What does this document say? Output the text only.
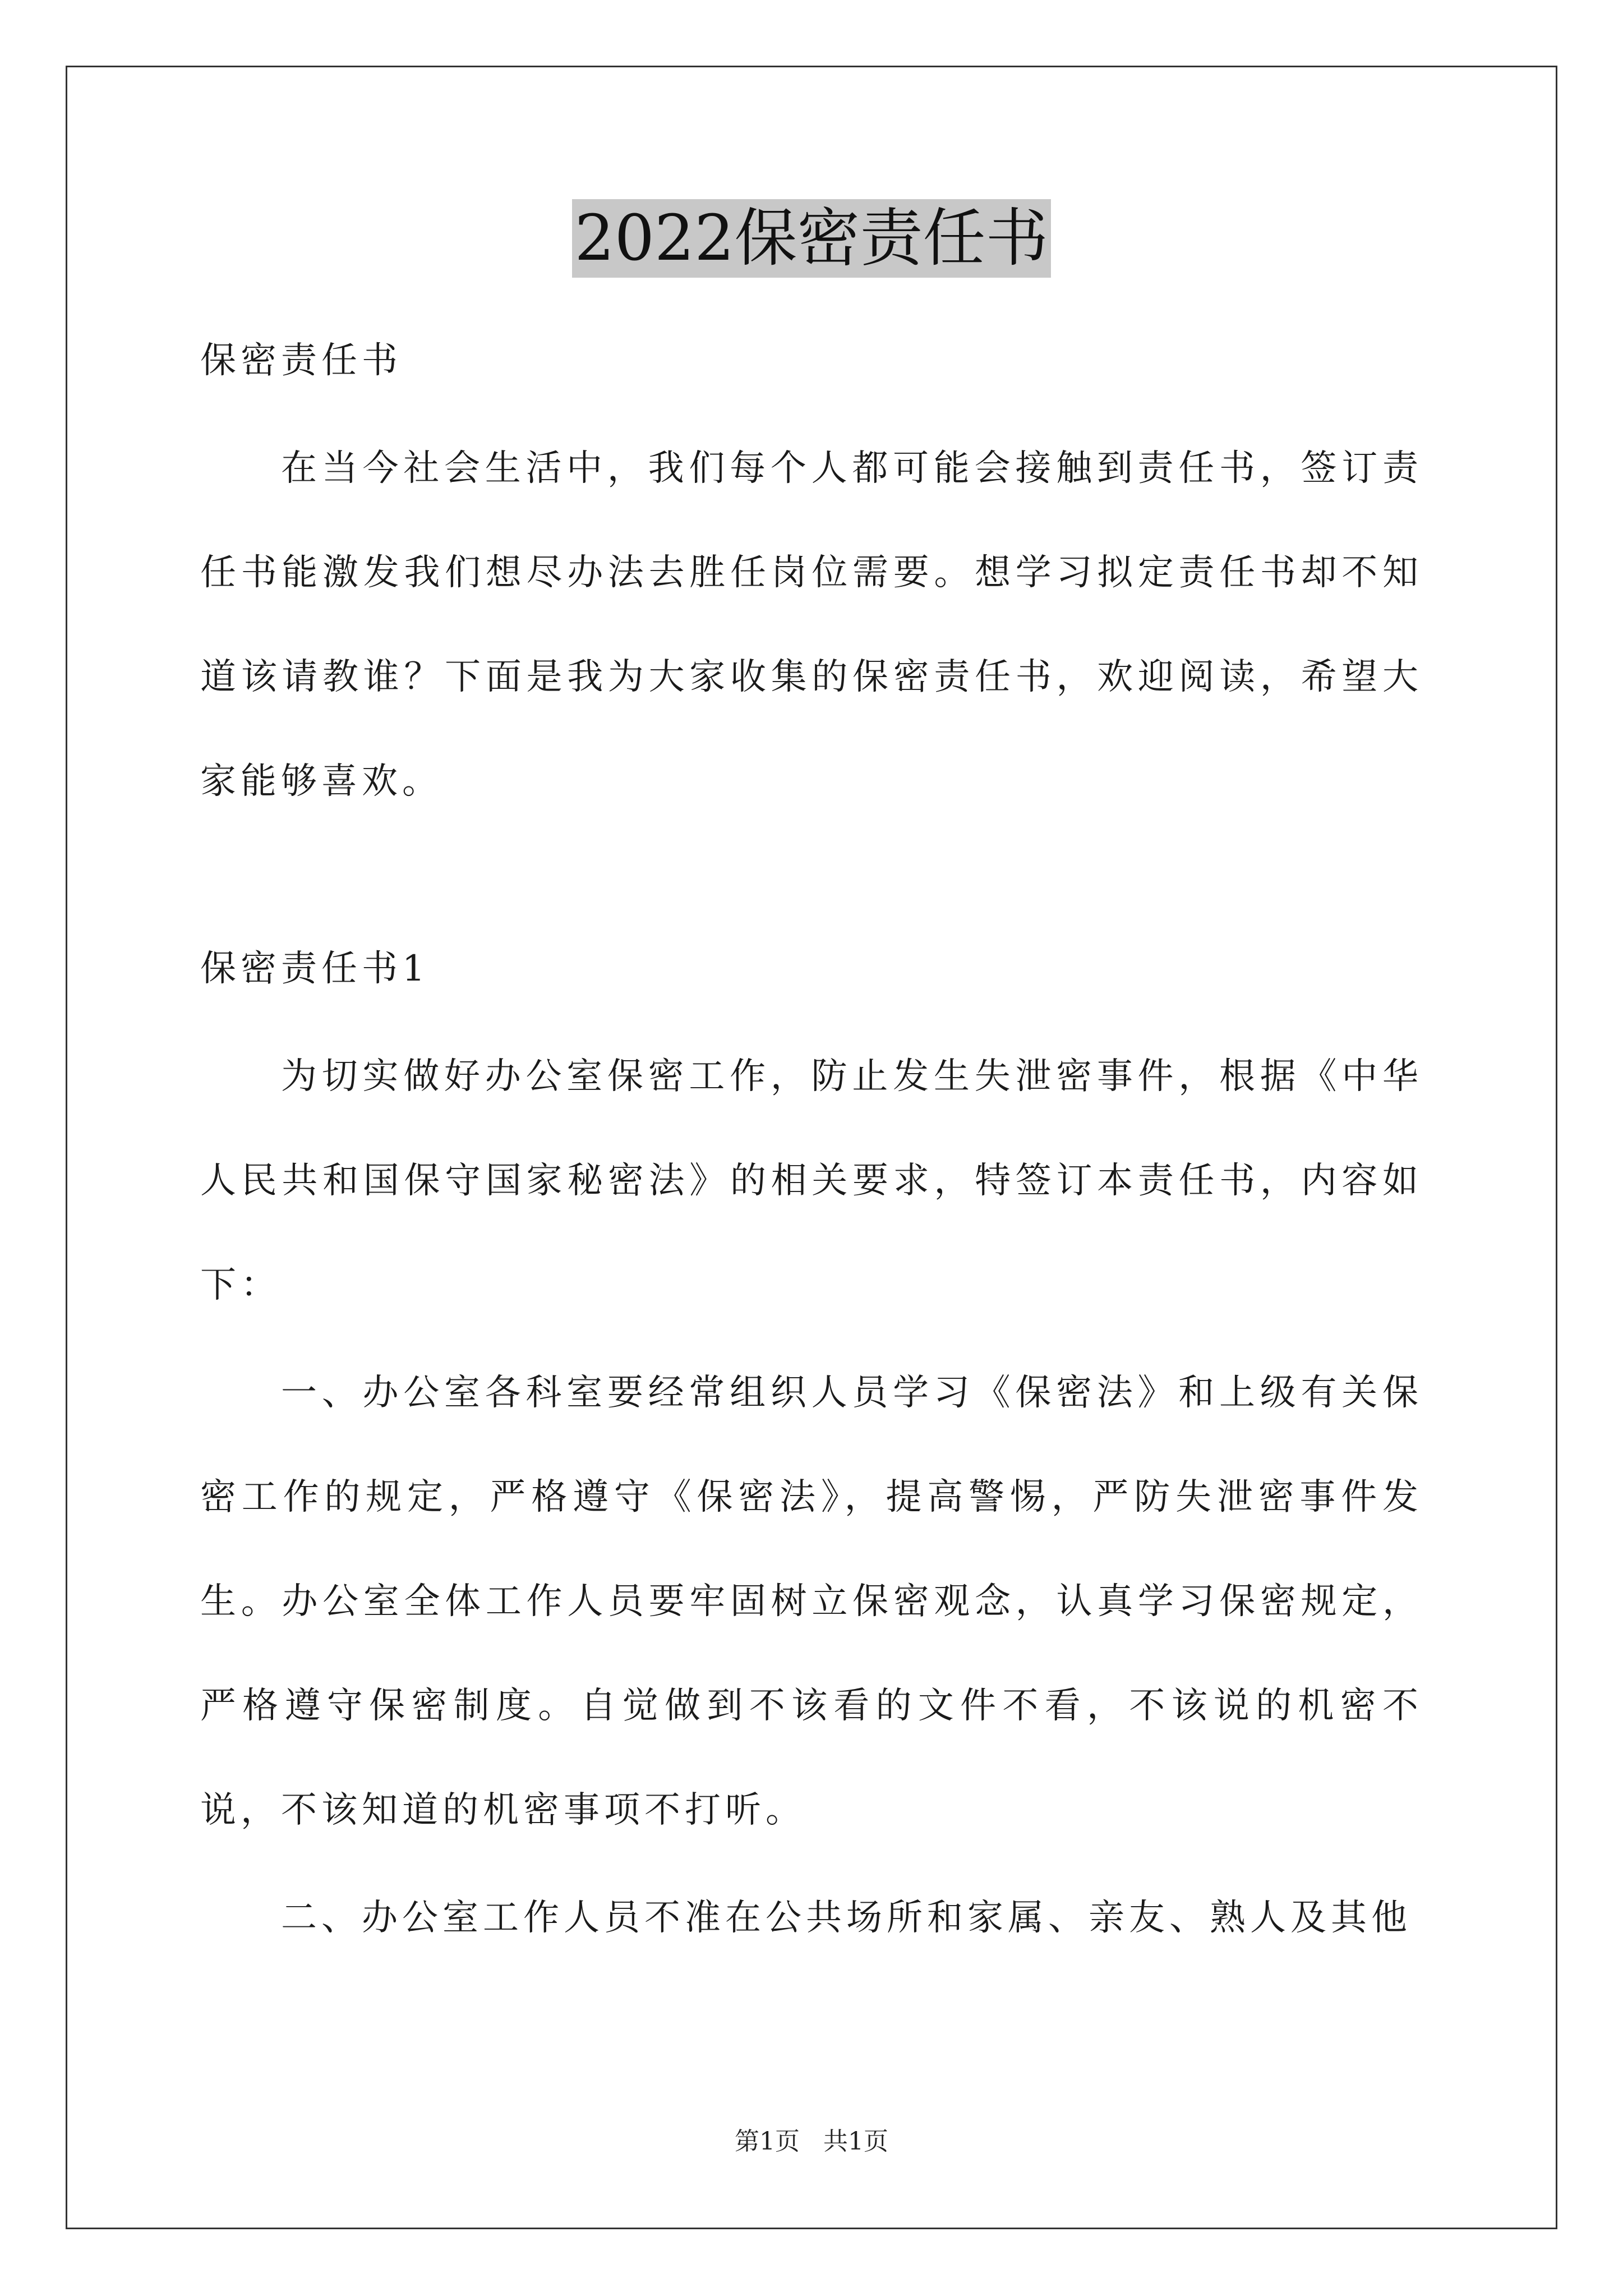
2022保密责任书

保密责任书

在当今社会生活中，我们每个人都可能会接触到责任书，签订责任书能激发我们想尽办法去胜任岗位需要。想学习拟定责任书却不知道该请教谁？下面是我为大家收集的保密责任书，欢迎阅读，希望大家能够喜欢。

保密责任书1

为切实做好办公室保密工作，防止发生失泄密事件，根据《中华人民共和国保守国家秘密法》的相关要求，特签订本责任书，内容如下：

一、办公室各科室要经常组织人员学习《保密法》和上级有关保密工作的规定，严格遵守《保密法》，提高警惕，严防失泄密事件发生。办公室全体工作人员要牢固树立保密观念，认真学习保密规定，严格遵守保密制度。自觉做到不该看的文件不看，不该说的机密不说，不该知道的机密事项不打听。

二、办公室工作人员不准在公共场所和家属、亲友、熟人及其他

第1页   共1页
